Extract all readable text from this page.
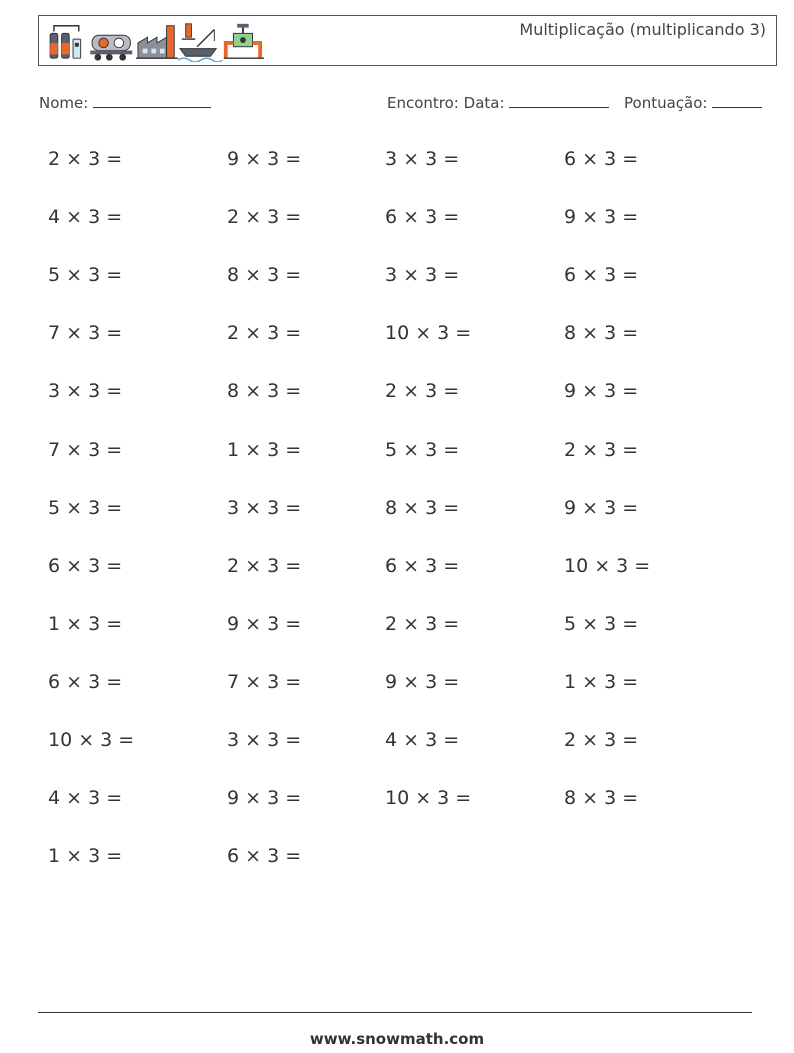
Multiplicação (multiplicando 3)
Nome:	Encontro: Data:	Pontuação:
2 × 3 =	9 × 3 =	3 × 3 =	6 × 3 =
4 × 3 =	2 × 3 =	6 × 3 =	9 × 3 =
5 × 3 =	8 × 3 =	3 × 3 =	6 × 3 =
7 × 3 =	2 × 3 =	10 × 3 =	8 × 3 =
3 × 3 =	8 × 3 =	2 × 3 =	9 × 3 =
7 × 3 =	1 × 3 =	5 × 3 =	2 × 3 =
5 × 3 =	3 × 3 =	8 × 3 =	9 × 3 =
6 × 3 =	2 × 3 =	6 × 3 =	10 × 3 =
1 × 3 =	9 × 3 =	2 × 3 =	5 × 3 =
6 × 3 =	7 × 3 =	9 × 3 =	1 × 3 =
10 × 3 =	3 × 3 =	4 × 3 =	2 × 3 =
4 × 3 =	9 × 3 =	10 × 3 =	8 × 3 =
1 × 3 =	6 × 3 =
www.snowmath.com
